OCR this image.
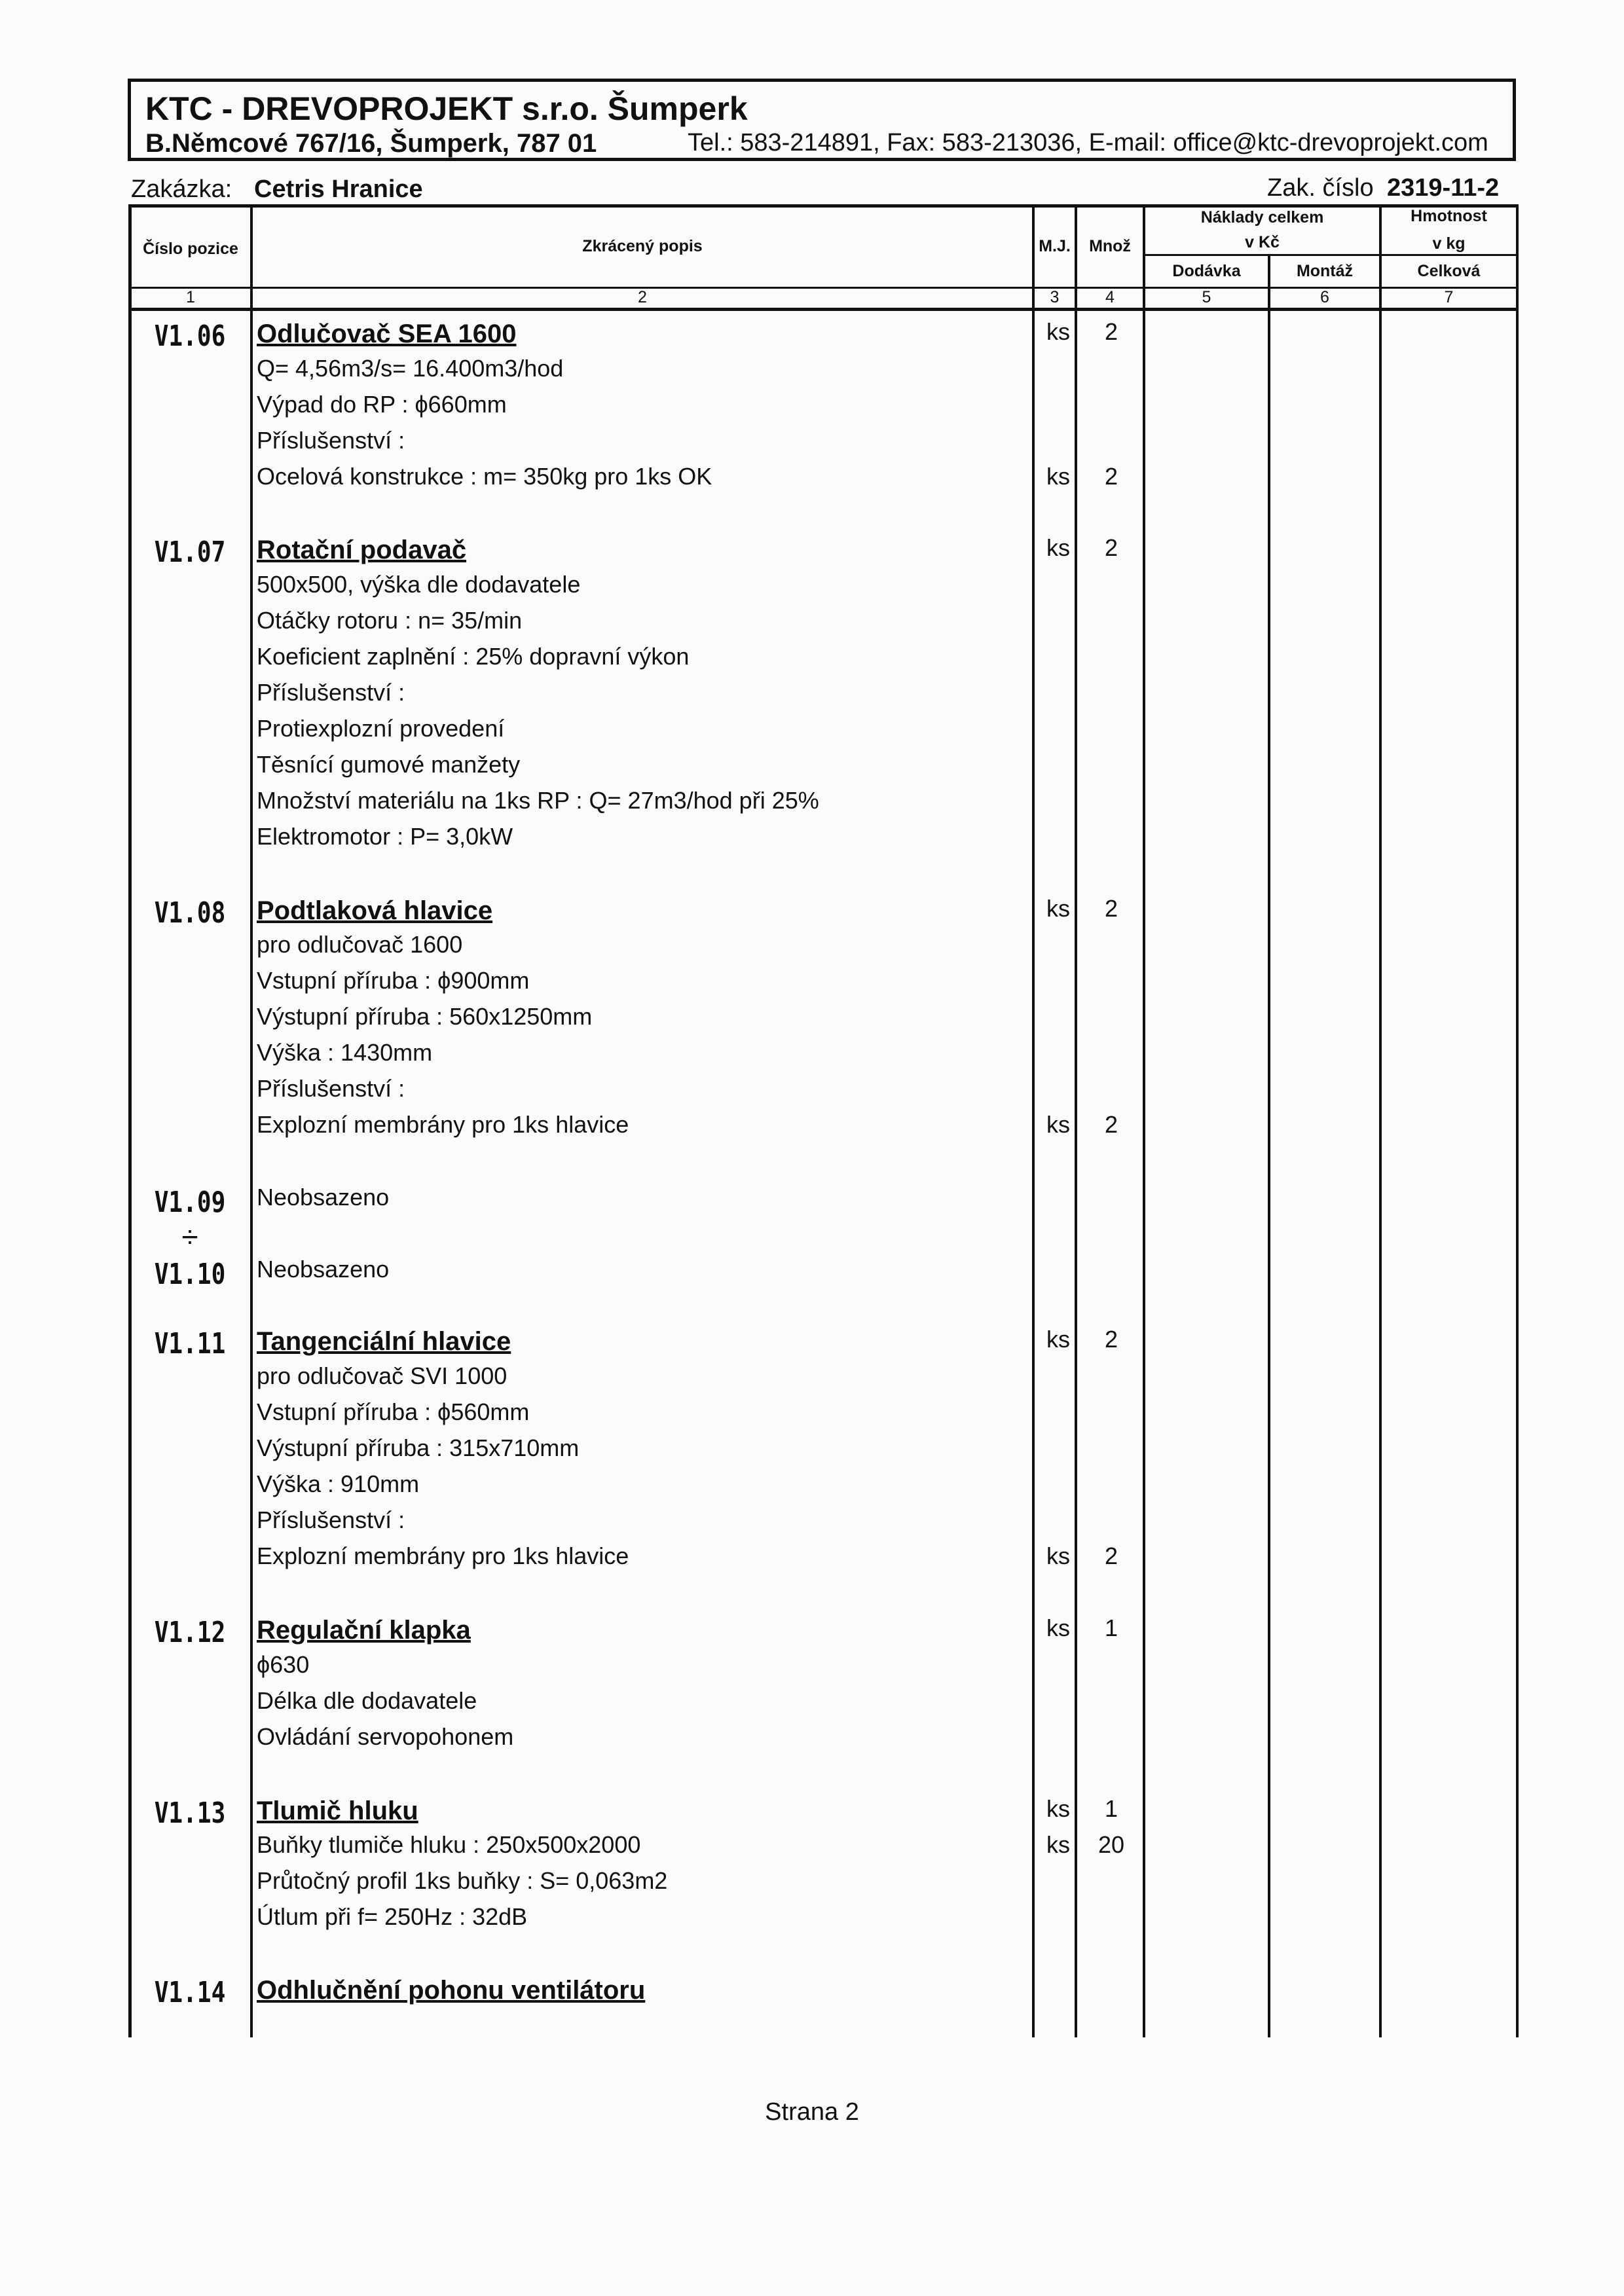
KTC - DREVOPROJEKT s.r.o. Šumperk
B.Němcové 767/16, Šumperk, 787 01	Tel.: 583-214891, Fax: 583-213036, E-mail: office@ktc-drevoprojekt.com
Zakázka: Cetris Hranice	Zak. číslo 2319-11-2
Číslo pozice	Zkrácený popis	M.J.	Množ
Náklady celkem
v Kč
Dodávka	Montáž
Hmotnost
v kg
Celková
1	2	3	4	5	6	7
V1.06	Odlučovač SEA 1600	ks	2
Q= 4,56m3/s= 16.400m3/hod
Výpad do RP : ϕ660mm
Příslušenství :
Ocelová konstrukce : m= 350kg pro 1ks OK	ks	2
V1.07	Rotační podavač	ks	2
500x500, výška dle dodavatele
Otáčky rotoru : n= 35/min
Koeficient zaplnění : 25% dopravní výkon
Příslušenství :
Protiexplozní provedení
Těsnící gumové manžety
Množství materiálu na 1ks RP : Q= 27m3/hod při 25%
Elektromotor : P= 3,0kW
V1.08	Podtlaková hlavice	ks	2
pro odlučovač 1600
Vstupní příruba : ϕ900mm
Výstupní příruba : 560x1250mm
Výška : 1430mm
Příslušenství :
Explozní membrány pro 1ks hlavice	ks	2
V1.09	Neobsazeno
÷
V1.10	Neobsazeno
V1.11	Tangenciální hlavice	ks	2
pro odlučovač SVI 1000
Vstupní příruba : ϕ560mm
Výstupní příruba : 315x710mm
Výška : 910mm
Příslušenství :
Explozní membrány pro 1ks hlavice	ks	2
V1.12	Regulační klapka	ks	1
ϕ630
Délka dle dodavatele
Ovládání servopohonem
V1.13	Tlumič hluku	ks	1
Buňky tlumiče hluku : 250x500x2000	ks	20
Průtočný profil 1ks buňky : S= 0,063m2
Útlum při f= 250Hz : 32dB
V1.14	Odhlučnění pohonu ventilátoru
Strana 2
